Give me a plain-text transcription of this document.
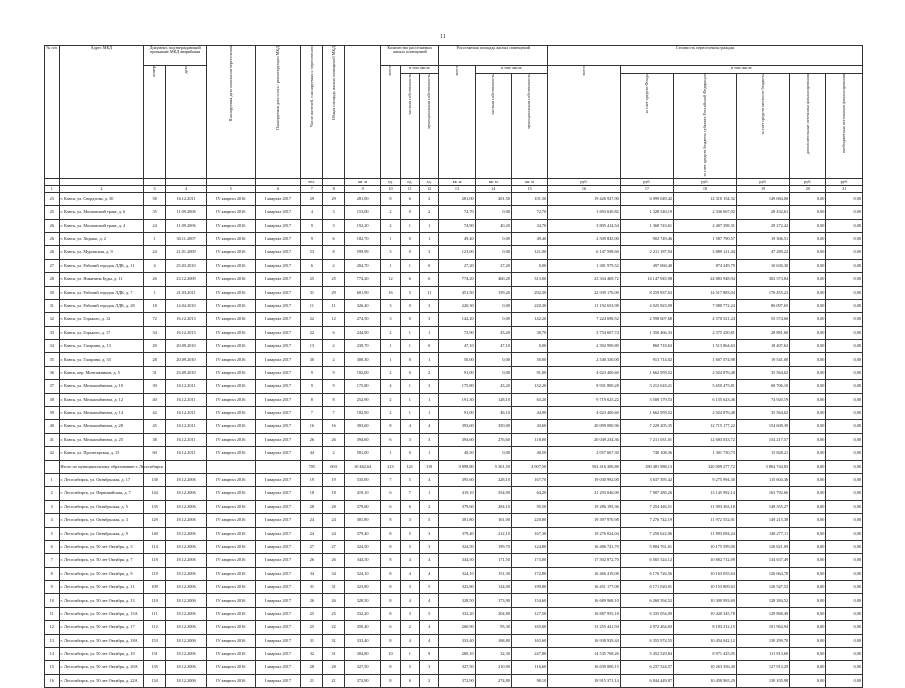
11
№ п/п	Адрес МКД	Документ, подтверждающий признание МКД аварийным		Планируемая дата окончания переселения	Планируемая дата сноса / реконструкции МКД	Число жителей, планируемых к переселению	Общая площадь жилых помещений МКД		Количество расселяемых жилых помещений			Расселяемая площадь жилых помещений			Стоимость переселения граждан					
		номер	дата						всего	в том числе		всего	в том числе		всего	в том числе				
										частная собственность	муниципальная собственность		частная собственность	муниципальная собственность		за счет средств Фонда	за счет средств бюджета субъекта Российской Федерации	за счет средств местного бюджета	дополнительные источники финансирования	внебюджетных источников финансирования
						чел.		кв. м	ед.	ед.	ед.	кв. м	кв. м	кв. м	руб.	руб.	руб.	руб.	руб.	руб.
1	2	3	4	5	6	7	8	9	10	11	12	13	14	15	16	17	18	19	20	21
23	г. Канск, ул. Свердлова, д. 30	58	16.12.2011	IV квартал 2016	I квартал 2017	29	29	281,00	8	6	2	281,00	201,50	101,50	19 426 927,00	6 999 049,42	12 310 154,32	149 684,00	0,00	0,00
25	г. Канск, ул. Московский тракт, д. 6	35	11.09.2006	IV квартал 2016	I квартал 2017	4	3	153,00	2	0	2	72,70	0,00	72,70	1 693 630,82	1 328 540,19	2 336 667,02	28 432,61	0,00	0,00
26	г. Канск, ул. Московский тракт, д. 4	24	11.09.2006	IV квартал 2016	I квартал 2017	9	3	192,20	2	1	1	74,90	40,20	34,70	3 805 414,54	1 368 743,61	2 407 398,31	29 272,42	0,00	0,00
26	г. Канск, ул. Ходыко, д. 2	1	30.11.2007	IV квартал 2016	I квартал 2017	9	6	182,70	1	0	1	49,40	0,00	49,40	2 509 845,00	902 749,46	1 587 790,57	19 306,51	0,00	0,00
26	г. Канск, ул. Муромская, д. 9	24	21.01.2009	IV квартал 2016	I квартал 2017	53	8	599,99	3	0	3	121,00	0,00	121,00	6 147 598,60	2 211 187,94	3 889 121,44	47 289,22	0,00	0,00
27	г. Канск, ул. Рабочий городок ЛДК, д. 11	4	25.03.2010	IV квартал 2016	I квартал 2017	6	2	204,70	1	1	0	27,20	27,20	0,00	1 381 979,52	497 060,40	874 249,79	10 630,30	0,00	0,00
28	г. Канск, ул. Никитина Буды, д. 11	26	23.12.2009	IV квартал 2016	I квартал 2017	25	25	774,20	12	6	6	774,20	460,20	313,00	23 334 469,72	14 147 945,98	24 883 948,94	302 573,84	0,00	0,00
30	г. Канск, ул. Рабочий городок ЛДК, д. 7	1	21.03.2011	IV квартал 2016	I квартал 2017	31	29	601,90	16	5	11	451,50	159,20	292,30	22 939 176,00	8 259 837,63	14 517 883,04	176 455,23	0,00	0,00
31	г. Канск, ул. Рабочий городок ЛДК, д. 28	18	14.04.2010	IV квартал 2016	I квартал 2017	11	11	326,40	3	0	3	220,30	0,00	220,30	11 192 653,98	4 025 823,99	7 080 772,24	86 097,65	0,00	0,00
32	г. Канск, ул. Горького, д. 12	72	16.12.2013	IV квартал 2016	I квартал 2017	22	12	274,50	3	0	3	142,20	0,00	142,20	7 224 698,52	2 598 607,68	4 570 521,24	55 574,60	0,00	0,00
33	г. Канск, ул. Горького, д. 17	34	16.12.2013	IV квартал 2016	I квартал 2017	22	6	244,90	2	1	1	73,90	43,20	30,70	3 754 607,74	1 350 466,33	2 375 250,81	28 881,60	0,00	0,00
34	г. Канск, ул. Гагарина, д. 13	29	20.09.2010	IV квартал 2016	I квартал 2017	13	2	239,70	1	1	0	47,10	47,10	0,00	2 392 990,80	860 718,63	1 513 864,63	18 407,62	0,00	0,00
35	г. Канск, ул. Гагарина, д. 33	28	20.09.2010	IV квартал 2016	I квартал 2017	30	2	300,30	1	0	1	50,00	0,00	50,00	2 540 330,00	913 714,02	1 607 074,98	19 541,00	0,00	0,00
36	г. Канск, пер. Монтажников, д. 5	31	23.09.2010	IV квартал 2016	I квартал 2017	9	9	182,00	2	0	2	91,00	0,00	91,00	4 623 400,60	1 662 959,52	2 924 876,48	35 564,62	0,00	0,00
37	г. Канск, ул. Мелькомбината, д. 10	39	16.12.2011	IV квартал 2016	I квартал 2017	9	9	175,80	4	1	3	175,80	43,20	132,20	8 931 800,28	3 212 618,21	5 650 475,81	68 706,10	0,00	0,00
38	г. Канск, ул. Мелькомбината, д. 12	40	16.12.2011	IV квартал 2016	I квартал 2017	8	8	252,90	2	1	1	191,30	128,10	63,20	9 719 625,22	3 500 179,53	6 155 623,46	74 920,19	0,00	0,00
39	г. Канск, ул. Мелькомбината, д. 14	42	16.12.2011	IV квартал 2016	I квартал 2017	7	7	182,90	2	1	1	91,00	46,10	44,90	4 623 400,60	1 662 959,52	2 924 876,48	35 564,62	0,00	0,00
40	г. Канск, ул. Мелькомбината, д. 28	45	16.12.2011	IV квартал 2016	I квартал 2017	16	16	393,60	8	4	4	393,60	350,00	43,60	20 099 090,96	7 229 205,35	12 715 177,22	154 608,39	0,00	0,00
41	г. Канск, ул. Мелькомбината, д. 25	38	16.12.2011	IV квартал 2016	I квартал 2017	26	26	394,60	6	3	3	394,60	276,60	118,00	20 049 234,36	7 211 031,01	12 683 033,72	154 217,57	0,00	0,00
42	г. Канск, ул. Пролетарская, д. 15	60	16.12.2011	IV квартал 2016	I квартал 2017	44	2	581,00	1	0	1	40,50	0,00	40,50	2 057 667,30	740 108,36	1 301 730,73	15 828,21	0,00	0,00
	Итого по муниципальному образованию г. Лесосибирск					705	603	10 462,64	213	121	119	9 898,80	5 361,50	4 907,50	502 416 306,88	180 481 988,13	320 009 277,72	3 864 744,83	0,00	0,00
1	г. Лесосибирск, ул. Октябрьская, д. 17	138	18.12.2006	IV квартал 2016	I квартал 2017	19	19	335,00	7	5	4	395,60	228,10	167,70	19 030 992,00	3 637 395,42	9 275 994,30	115 604,36	0,00	0,00
2	г. Лесосибирск, ул. Первомайская, д. 7	144	18.12.2006	IV квартал 2016	I квартал 2017	18	18	419,10	6	7	1	419,10	354,90	64,20	21 293 046,00	7 987 280,26	13 145 992,14	163 792,66	0,00	0,00
3	г. Лесосибирск, ул. Октябрьская, д. 5	135	18.12.2006	IV квартал 2016	I квартал 2017	28	28	379,60	6	6	2	379,60	284,10	95,50	19 286 195,36	7 254 446,51	11 903 363,18	148 355,27	0,00	0,00
4	г. Лесосибирск, ул. Октябрьская, д. 3	129	18.12.2006	IV квартал 2016	I квартал 2017	24	24	381,80	8	3	5	381,80	161,00	220,80	19 397 970,98	7 276 742,19	11 972 552,01	149 215,38	0,00	0,00
5	г. Лесосибирск, ул. Октябрьская, д. 9	140	18.12.2006	IV квартал 2016	I квартал 2017	24	24	379,40	8	5	3	379,40	212,10	167,30	19 276 024,04	7 250 622,06	11 893 094,24	148 277,11	0,00	0,00
6	г. Лесосибирск, ул. 50 лет Октября, д. 3	114	18.12.2006	IV квартал 2016	I квартал 2017	27	27	324,50	8	5	3	324,50	199,70	124,80	16 486 741,70	5 884 761,61	10 175 599,00	126 821,09	0,00	0,00
7	г. Лесосибирск, ул. 50 лет Октября, д. 7	118	18.12.2006	IV квартал 2016	I квартал 2017	26	26	344,50	8	4	4	344,50	171,50	173,00	17 502 872,70	6 565 524,12	10 802 712,09	134 637,49	0,00	0,00
8	г. Лесосибирск, ул. 50 лет Октября, д. 9	119	18.12.2006	IV квартал 2016	I квартал 2017	34	34	324,10	8	4	4	324,10	151,30	172,80	16 466 419,08	6 176 726,56	10 163 055,64	126 664,78	0,00	0,00
9	г. Лесосибирск, ул. 50 лет Октября, д. 11	109	18.12.2006	IV квартал 2016	I квартал 2017	31	31	323,80	8	3	5	323,80	124,00	199,80	16 451 177,08	6 171 020,01	10 153 809,63	126 547,52	0,00	0,00
10	г. Лесосибирск, ул. 50 лет Октября, д. 13	110	18.12.2006	IV квартал 2016	I квартал 2017	26	26	328,50	8	4	4	328,50	173,90	154,60	16 689 968,10	6 260 594,52	10 300 993,69	128 384,52	0,00	0,00
11	г. Лесосибирск, ул. 50 лет Октября, д. 15А	111	18.12.2006	IV квартал 2016	I квартал 2017	25	25	332,20	8	3	5	332,20	204,80	127,50	16 887 955,18	6 335 054,09	10 420 345,78	129 868,49	0,00	0,00
12	г. Лесосибирск, ул. 50 лет Октября, д. 17	112	18.12.2006	IV квартал 2016	I квартал 2017	25	22	350,40	6	2	4	260,90	95,30	165,60	13 255 441,94	4 972 264,83	8 183 212,15	101 964,94	0,00	0,00
13	г. Лесосибирск, ул. 50 лет Октября, д. 18А	153	18.12.2006	IV квартал 2016	I квартал 2017	31	31	333,40	8	4	4	333,40	168,80	165,60	16 938 929,44	6 355 974,55	10 454 042,12	130 299,70	0,00	0,00
14	г. Лесосибирск, ул. 50 лет Октября, д. 19	131	18.12.2006	IV квартал 2016	I квартал 2017	32	31	304,80	10	1	9	280,10	32,30	247,80	14 535 768,26	5 452 529,84	8 971 425,05	111 813,60	0,00	0,00
15	г. Лесосибирск, ул. 50 лет Октября, д. 20А	135	18.12.2006	IV квартал 2016	I квартал 2017	28	28	327,50	8	5	3	327,50	210,90	116,60	16 639 000,15	6 237 524,57	10 263 356,40	127 913,29	0,00	0,00
16	г. Лесосибирск, ул. 50 лет Октября, д. 22А	134	18.12.2006	IV квартал 2016	I квартал 2017	21	21	372,90	8	6	2	372,90	274,80	98,10	18 915 371,14	6 844 449,87	10 458 965,29	130 105,98	0,00	0,00
